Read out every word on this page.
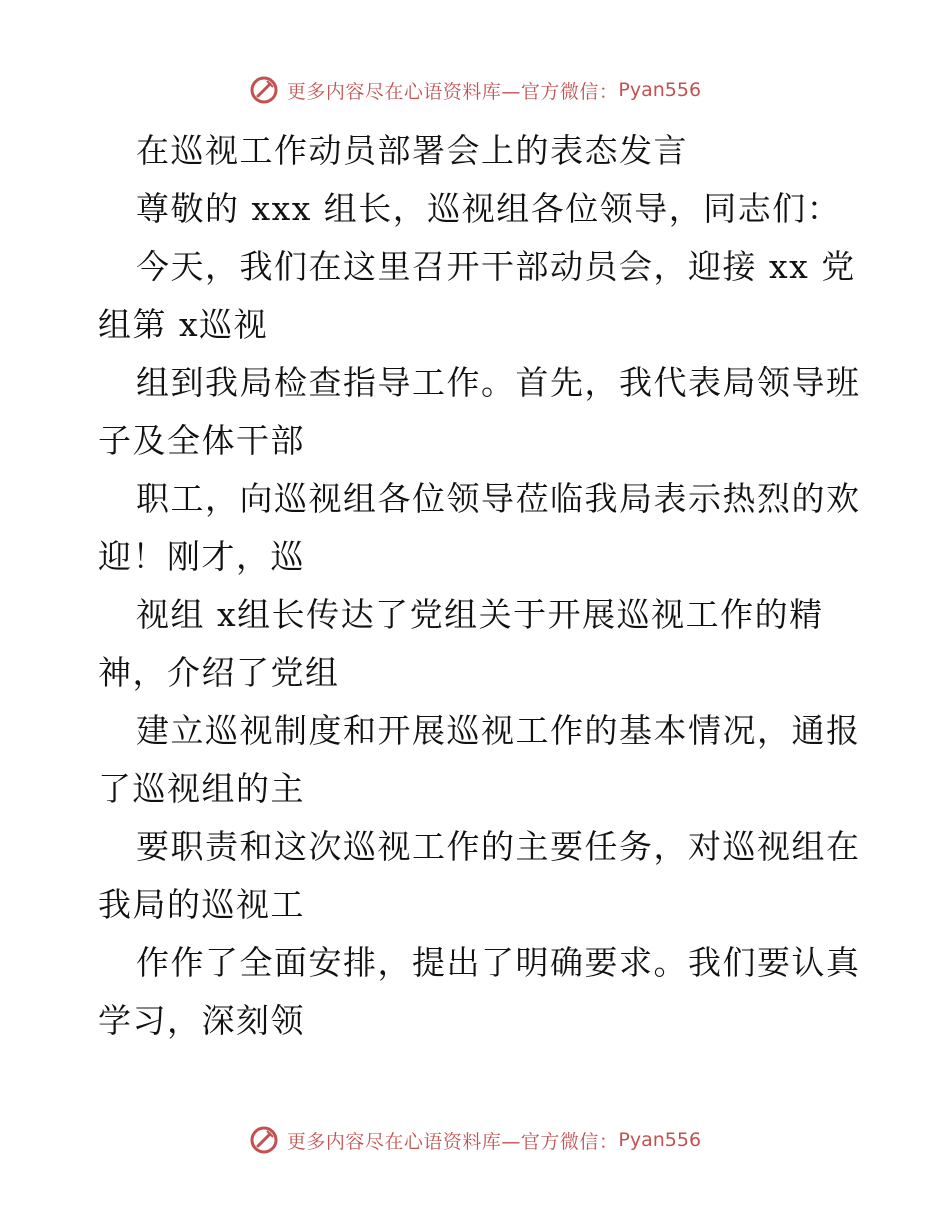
更多内容尽在心语资料库—官方微信： Pyan556
在巡视工作动员部署会上的表态发言
尊敬的 xxx 组长，巡视组各位领导，同志们：
今天，我们在这里召开干部动员会，迎接 xx 党
组第 x巡视
组到我局检查指导工作。首先，我代表局领导班
子及全体干部
职工，向巡视组各位领导莅临我局表示热烈的欢
迎！刚才，巡
视组 x组长传达了党组关于开展巡视工作的精
神，介绍了党组
建立巡视制度和开展巡视工作的基本情况，通报
了巡视组的主
要职责和这次巡视工作的主要任务，对巡视组在
我局的巡视工
作作了全面安排，提出了明确要求。我们要认真
学习，深刻领
更多内容尽在心语资料库—官方微信： Pyan556
